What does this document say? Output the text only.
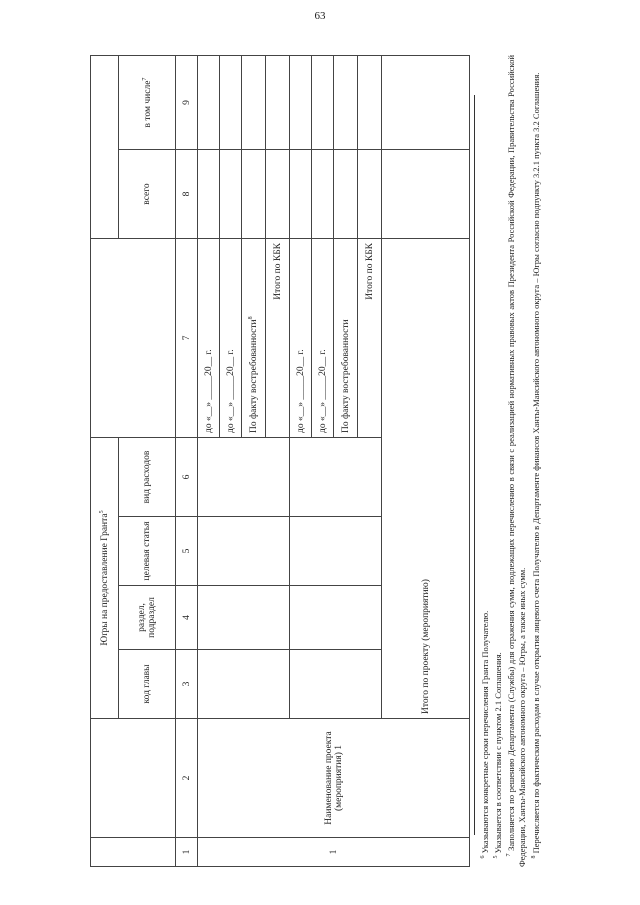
63
		Юґры на предоставление Гранта$^5$		
		код главы	раздел, подраздел	целевая статья	вид расходов		всего	в том числе$^7$
1	2	3	4	5	6	7	8	9
1	Наименование проекта (мероприятия) 1					до «__» _____20__ г.		
						до «__» _____20__ г.		
						По факту востребованности$^8$		
						Итого по КБК		
						до «__» _____20__ г.		
						до «__» _____20__ г.		
						По факту востребованности		
						Итого по КБК		
		Итого по проекту (мероприятию)						

$^6$ Указываются конкретные сроки перечисления Гранта Получателю.

$^5$ Указывается в соответствии с пунктом 2.1 Соглашения.

$^7$ Заполняется по решению Департамента (Службы) для отражения сумм, подлежащих перечислению в связи с реализацией нормативных правовых актов Президента Российской Федерации, Правительства Российской Федерации, Ханты-Мансийского автономного округа – Югры, а также иных сумм. $^8$ Перечисляется по фактическим расходам в случае открытия лицевого счета Получателю в Департаменте финансов Ханты-Мансийского автономного округа – Югры согласно подпункту 3.2.1 пункта 3.2 Соглашения.
